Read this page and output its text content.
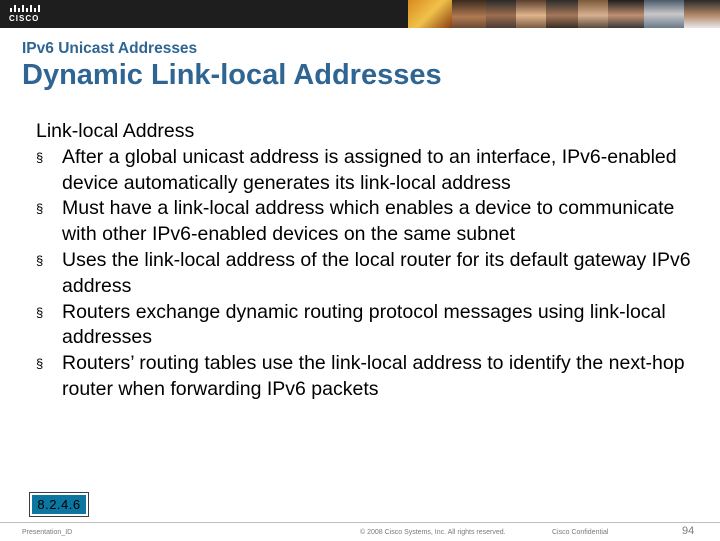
CISCO
IPv6 Unicast Addresses
Dynamic Link-local Addresses
Link-local Address
§ After a global unicast address is assigned to an interface, IPv6-enabled device automatically generates its link-local address
§ Must have a link-local address which enables a device to communicate with other IPv6-enabled devices on the same subnet
§ Uses the link-local address of the local router for its default gateway IPv6 address
§ Routers exchange dynamic routing protocol messages using link-local addresses
§ Routers’ routing tables use the link-local address to identify the next-hop router when forwarding IPv6 packets
8.2.4.6
Presentation_ID	© 2008 Cisco Systems, Inc. All rights reserved.	Cisco Confidential	94
